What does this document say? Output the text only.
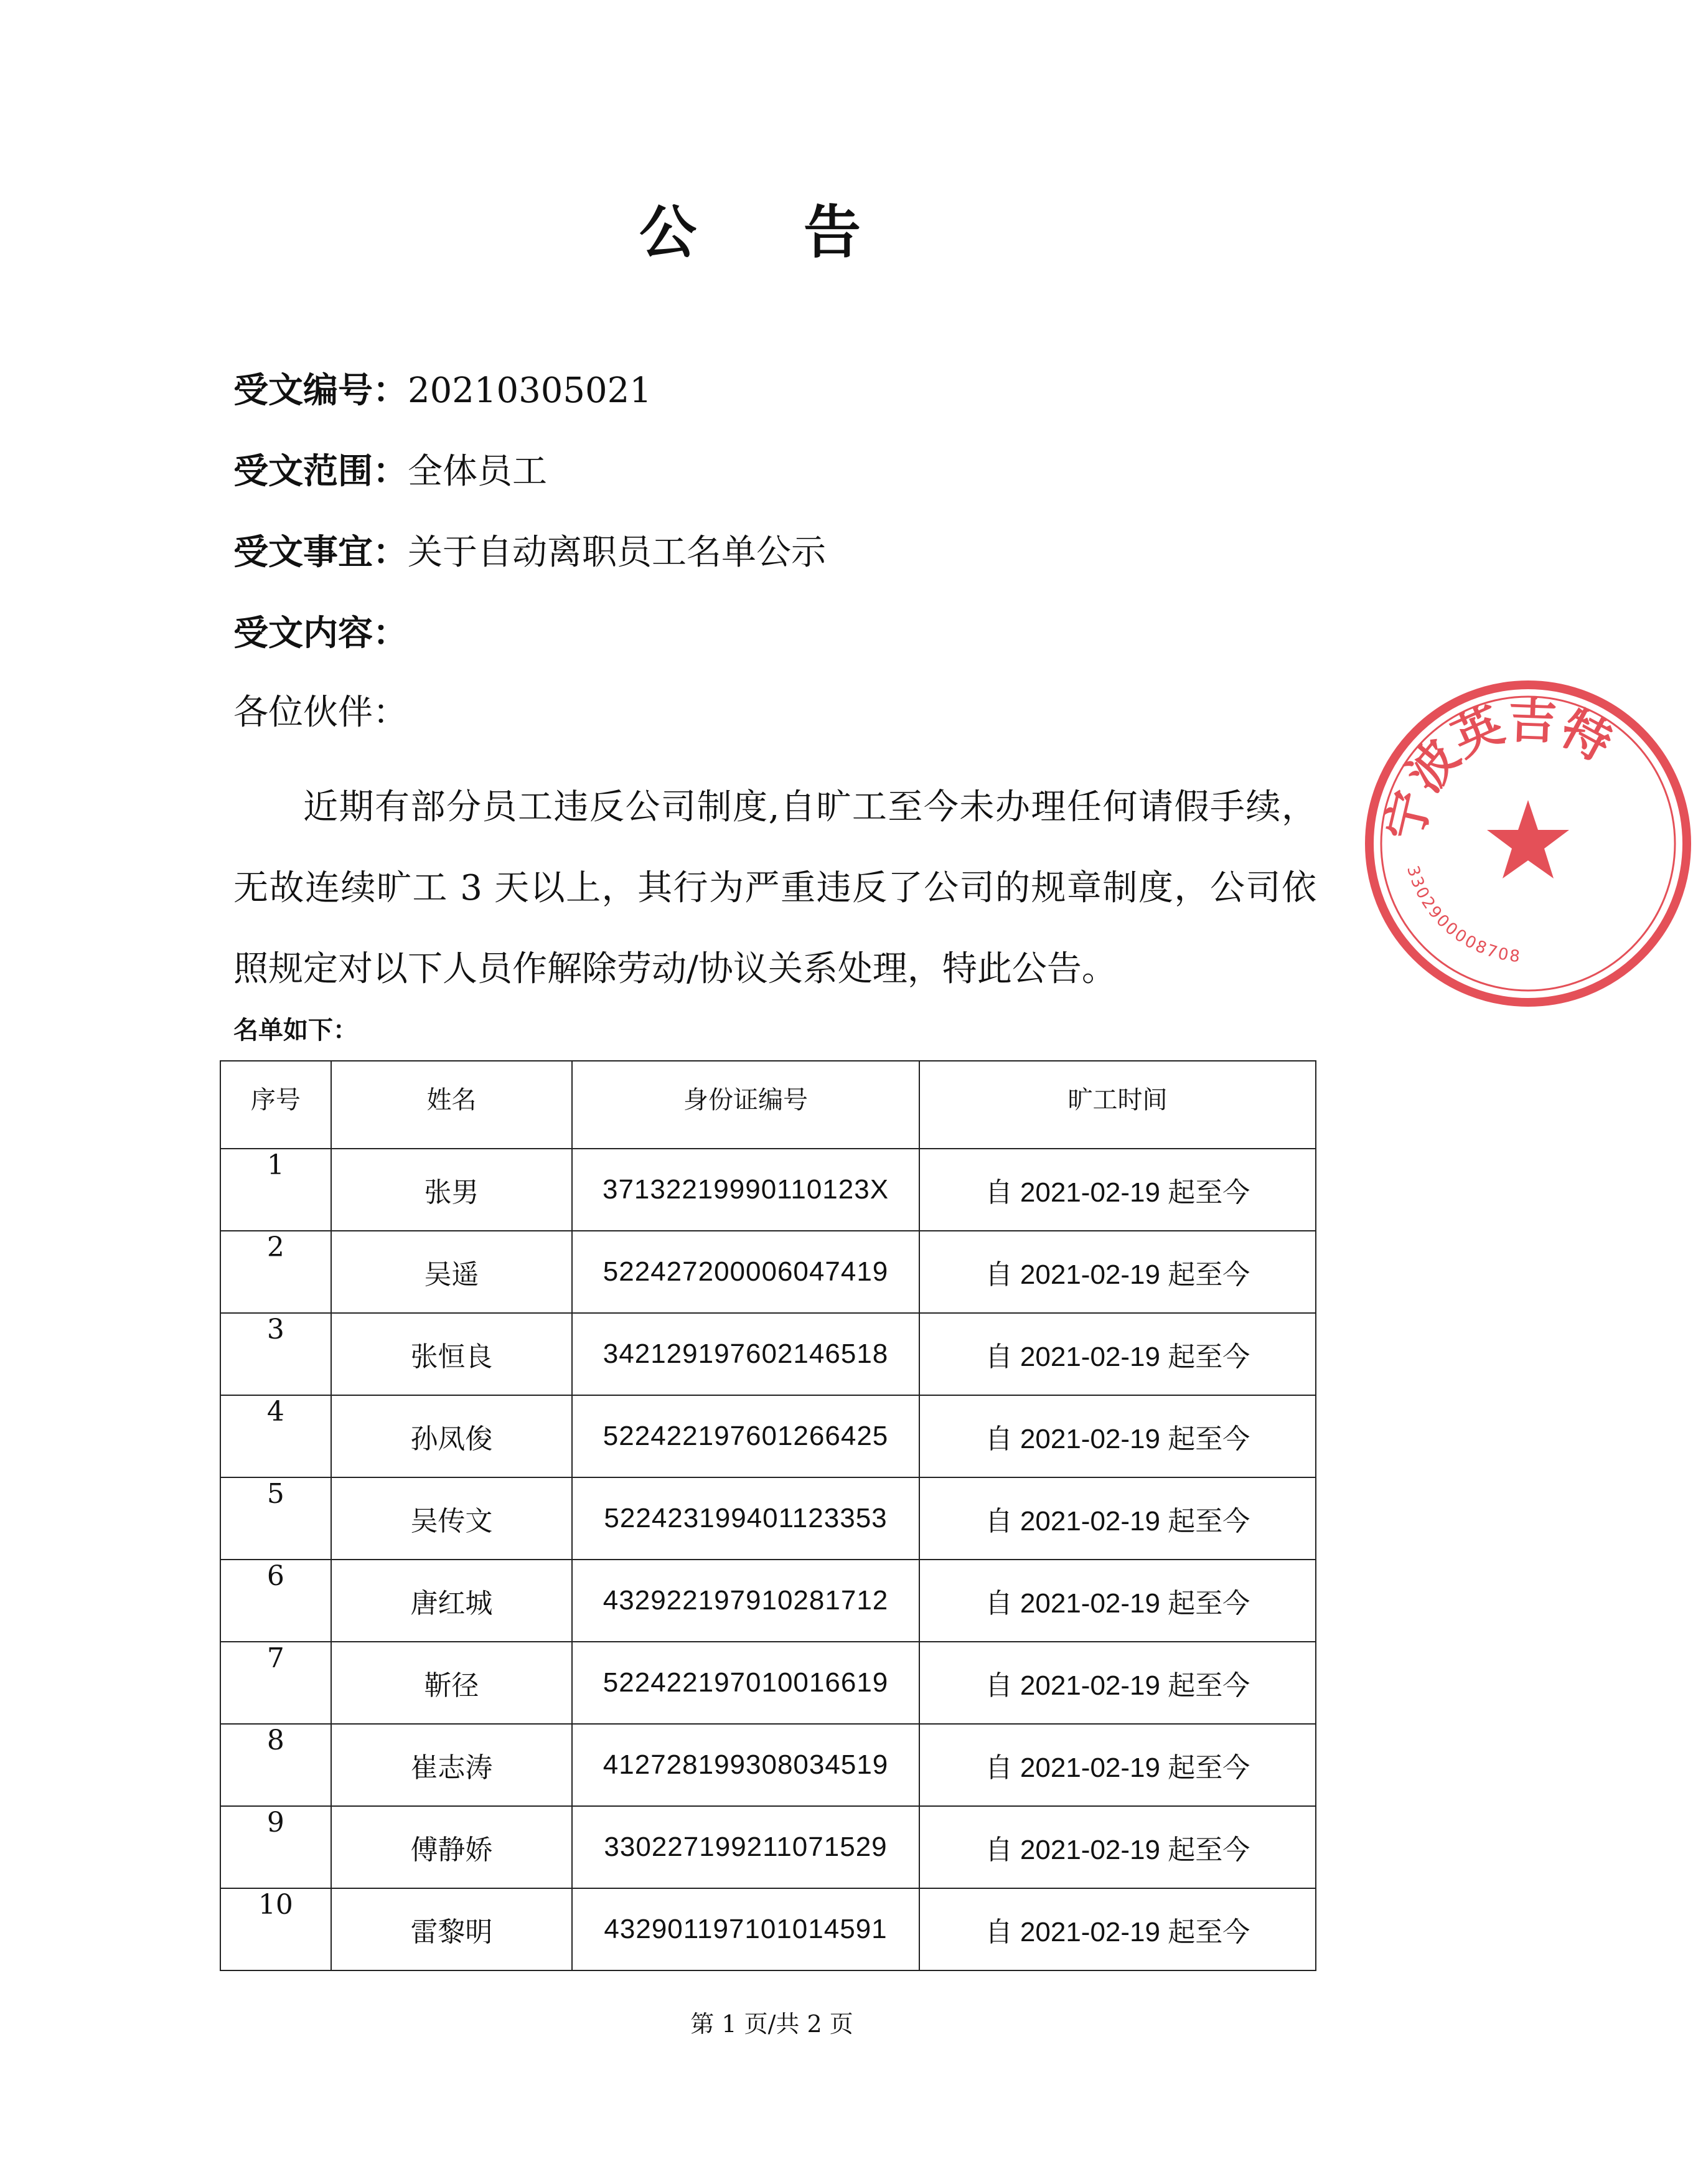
公 告
受文编号：20210305021
受文范围：全体员工
受文事宜：关于自动离职员工名单公示
受文内容：
各位伙伴：
近期有部分员工违反公司制度,自旷工至今未办理任何请假手续，无故连续旷工 3 天以上，其行为严重违反了公司的规章制度，公司依照规定对以下人员作解除劳动/协议关系处理，特此公告。
名单如下：
序号	姓名	身份证编号	旷工时间
1	张男	37132219990110123X	自 2021-02-19 起至今
2	吴遥	522427200006047419	自 2021-02-19 起至今
3	张恒良	342129197602146518	自 2021-02-19 起至今
4	孙凤俊	522422197601266425	自 2021-02-19 起至今
5	吴传文	522423199401123353	自 2021-02-19 起至今
6	唐红城	432922197910281712	自 2021-02-19 起至今
7	靳径	522422197010016619	自 2021-02-19 起至今
8	崔志涛	412728199308034519	自 2021-02-19 起至今
9	傅静娇	330227199211071529	自 2021-02-19 起至今
10	雷黎明	432901197101014591	自 2021-02-19 起至今
第 1 页/共 2 页
宁波英吉特
3302900008708
